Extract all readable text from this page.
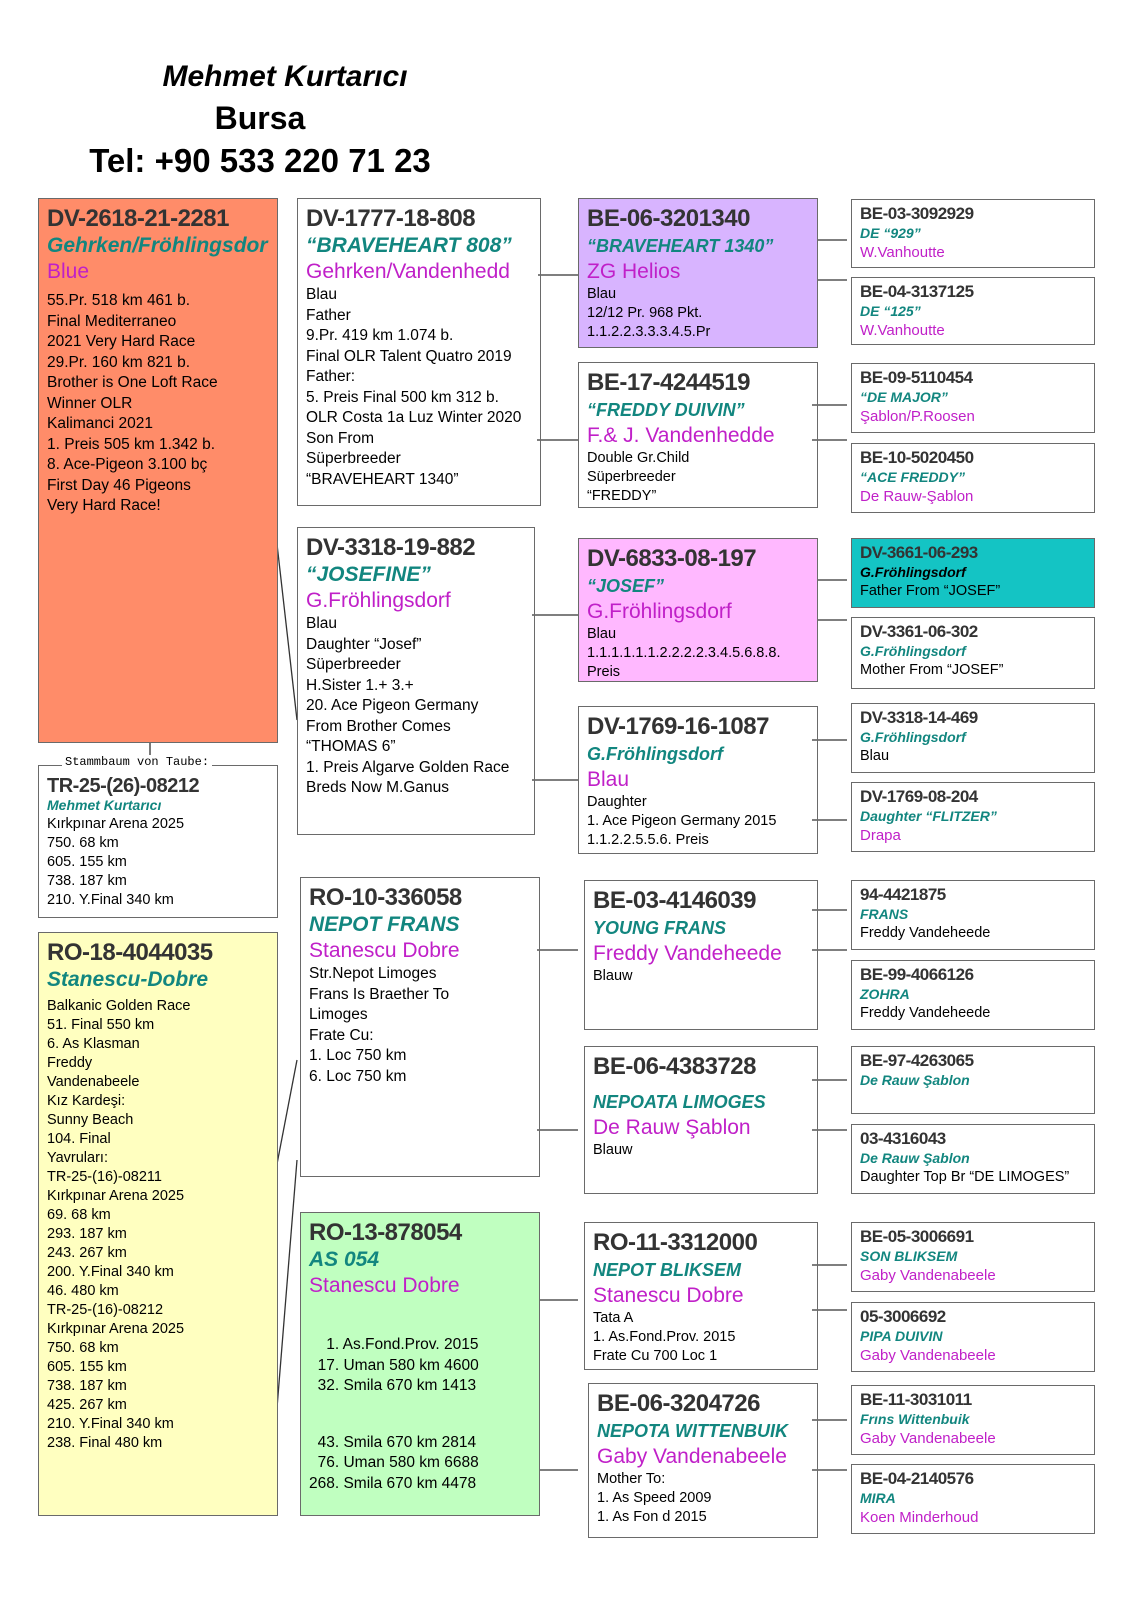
Mehmet Kurtarıcı
Bursa
Tel: +90 533 220 71 23
DV-2618-21-2281
Gehrken/Fröhlingsdor
Blue
55.Pr. 518 km 461 b.
Final Mediterraneo
2021 Very Hard Race
29.Pr. 160 km 821 b.
Brother is One Loft Race
Winner OLR
Kalimanci 2021
1. Preis 505 km 1.342 b.
8. Ace-Pigeon 3.100 bç
First Day 46 Pigeons
Very Hard Race!
TR-25-(26)-08212
Mehmet Kurtarıcı
Kırkpınar Arena 2025
750. 68 km
605. 155 km
738. 187 km
210. Y.Final 340 km
Stammbaum von Taube:
RO-18-4044035
Stanescu-Dobre
Balkanic Golden Race
51. Final 550 km
6. As Klasman
Freddy
Vandenabeele
Kız Kardeşi:
Sunny Beach
104. Final
Yavruları:
TR-25-(16)-08211
Kırkpınar Arena 2025
69. 68 km
293. 187 km
243. 267 km
200. Y.Final 340 km
46. 480 km
TR-25-(16)-08212
Kırkpınar Arena 2025
750. 68 km
605. 155 km
738. 187 km
425. 267 km
210. Y.Final 340 km
238. Final 480 km
DV-1777-18-808
“BRAVEHEART 808”
Gehrken/Vandenhedd
Blau
Father
9.Pr. 419 km 1.074 b.
Final OLR Talent Quatro 2019
Father:
5. Preis Final 500 km 312 b.
OLR Costa 1a Luz Winter 2020
Son From
Süperbreeder
“BRAVEHEART 1340”
DV-3318-19-882
“JOSEFINE”
G.Fröhlingsdorf
Blau
Daughter “Josef”
Süperbreeder
H.Sister 1.+ 3.+
20. Ace Pigeon Germany
From Brother Comes
“THOMAS 6”
1. Preis Algarve Golden Race
Breds Now M.Ganus
RO-10-336058
NEPOT FRANS
Stanescu Dobre
Str.Nepot Limoges
Frans Is Braether To
Limoges
Frate Cu:
1. Loc 750 km
6. Loc 750 km
RO-13-878054
AS 054
Stanescu Dobre

1. As.Fond.Prov. 2015
17. Uman 580 km 4600
32. Smila 670 km 1413

43. Smila 670 km 2814
76. Uman 580 km 6688
268. Smila 670 km 4478

BE-06-3201340
“BRAVEHEART 1340”
ZG Helios
Blau
12/12 Pr. 968 Pkt.
1.1.2.2.3.3.3.4.5.Pr
BE-17-4244519
“FREDDY DUIVIN”
F.& J. Vandenhedde
Double Gr.Child
Süperbreeder
“FREDDY”
DV-6833-08-197
“JOSEF”
G.Fröhlingsdorf
Blau
1.1.1.1.1.1.2.2.2.2.3.4.5.6.8.8.
Preis
DV-1769-16-1087
G.Fröhlingsdorf
Blau
Daughter
1. Ace Pigeon Germany 2015
1.1.2.2.5.5.6. Preis
BE-03-4146039
YOUNG FRANS
Freddy Vandeheede
Blauw
BE-06-4383728
NEPOATA LIMOGES
De Rauw Şablon
Blauw
RO-11-3312000
NEPOT BLIKSEM
Stanescu Dobre
Tata A
1. As.Fond.Prov. 2015
Frate Cu 700 Loc 1
BE-06-3204726
NEPOTA WITTENBUIK
Gaby Vandenabeele
Mother To:
1. As Speed 2009
1. As Fon d 2015
BE-03-3092929
DE “929”
W.Vanhoutte
BE-04-3137125
DE “125”
W.Vanhoutte
BE-09-5110454
“DE MAJOR”
Şablon/P.Roosen
BE-10-5020450
“ACE FREDDY”
De Rauw-Şablon
DV-3661-06-293
G.Fröhlingsdorf
Father From “JOSEF”
DV-3361-06-302
G.Fröhlingsdorf
Mother From “JOSEF”
DV-3318-14-469
G.Fröhlingsdorf
Blau
DV-1769-08-204
Daughter “FLITZER”
Drapa
94-4421875
FRANS
Freddy Vandeheede
BE-99-4066126
ZOHRA
Freddy Vandeheede
BE-97-4263065
De Rauw Şablon
03-4316043
De Rauw Şablon
Daughter Top Br “DE LIMOGES”
BE-05-3006691
SON BLIKSEM
Gaby Vandenabeele
05-3006692
PIPA DUIVIN
Gaby Vandenabeele
BE-11-3031011
Frıns Wittenbuik
Gaby Vandenabeele
BE-04-2140576
MIRA
Koen Minderhoud
